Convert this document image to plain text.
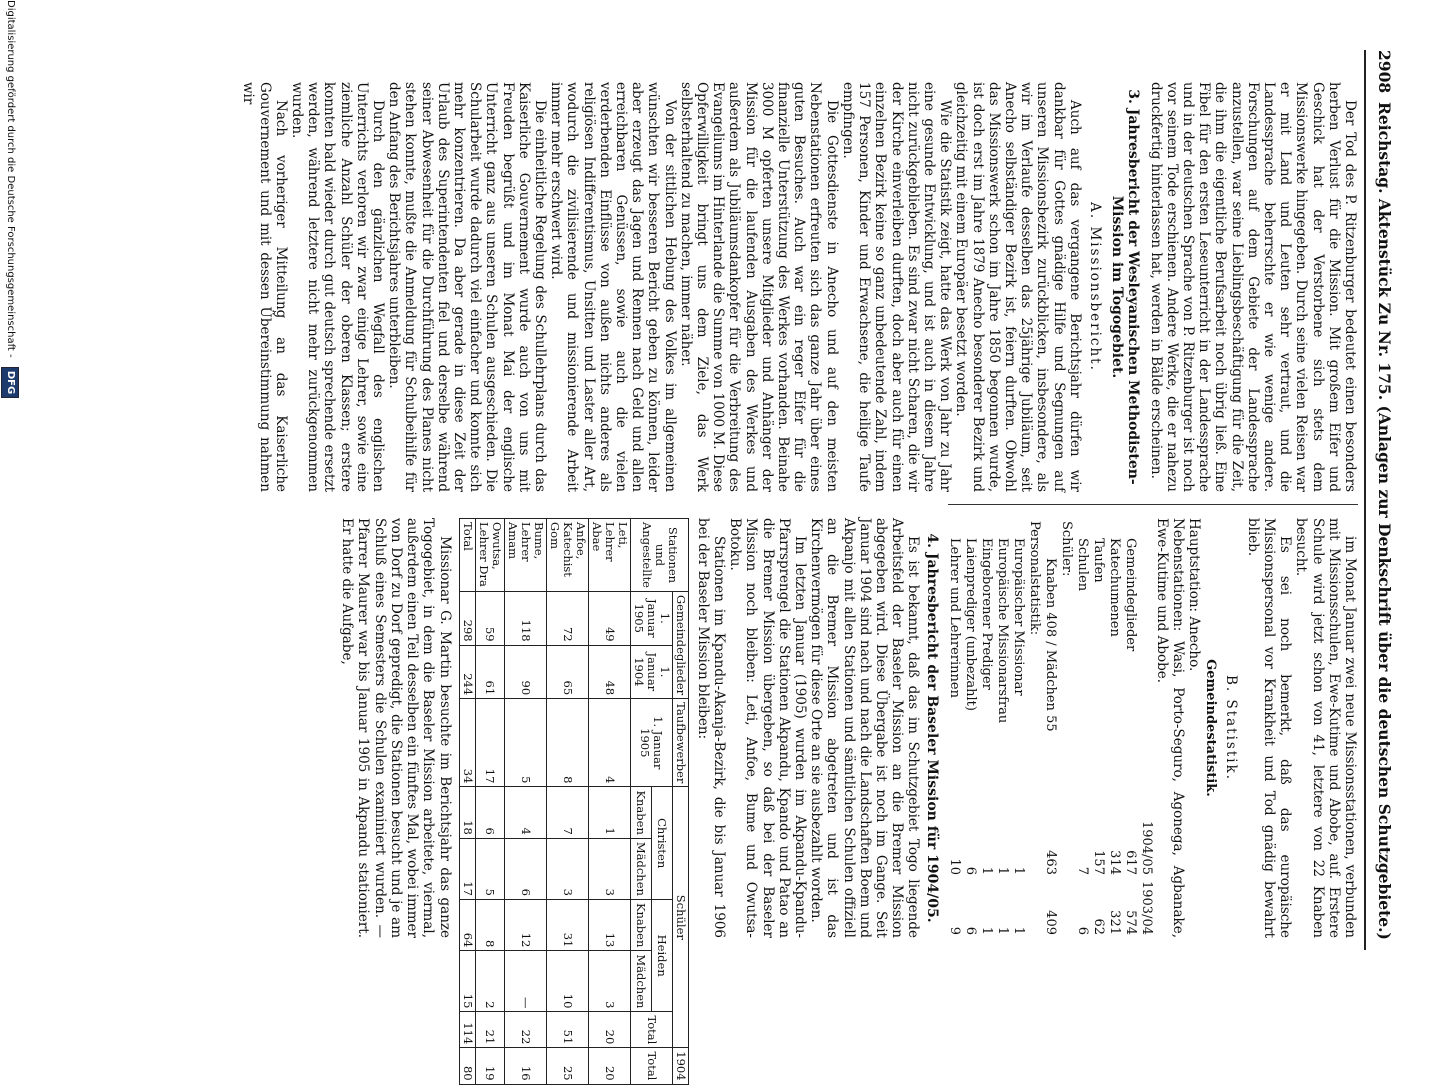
2908
Reichstag. Aktenstück Zu Nr. 175. (Anlagen zur Denkschrift über die deutschen Schutzgebiete.)

Der Tod des P. Ritzenburger bedeutet einen besonders herben Verlust für die Mission. Mit großem Eifer und Geschick hat der Verstorbene sich stets dem Missionswerke hingegeben. Durch seine vielen Reisen war er mit Land und Leuten sehr vertraut, und die Landessprache beherrschte er wie wenige andere. Forschungen auf dem Gebiete der Landessprache anzustellen, war seine Lieblingsbeschäftigung für die Zeit, die ihm die eigentliche Berufsarbeit noch übrig ließ. Eine Fibel für den ersten Leseunterricht in der Landessprache und in der deutschen Sprache von P. Ritzenburger ist noch vor seinem Tode erschienen. Andere Werke, die er nahezu druckfertig hinterlassen hat, werden in Bälde erscheinen.

3. Jahresbericht der Wesleyanischen Methodisten-Mission im Togogebiet.
A. Missionsbericht.

Auch auf das vergangene Berichtsjahr dürfen wir dankbar für Gottes gnädige Hilfe und Segnungen auf unseren Missionsbezirk zurückblicken, insbesondere, als wir im Verlaufe desselben das 25jährige Jubiläum, seit Anecho selbständiger Bezirk ist, feiern durften. Obwohl das Missionswerk schon im Jahre 1850 begonnen wurde, ist doch erst im Jahre 1879 Anecho besonderer Bezirk und gleichzeitig mit einem Europäer besetzt worden.

Wie die Statistik zeigt, hatte das Werk von Jahr zu Jahr eine gesunde Entwicklung, und ist auch in diesem Jahre nicht zurückgeblieben. Es sind zwar nicht Scharen, die wir der Kirche einverleiben durften, doch aber auch für einen einzelnen Bezirk keine so ganz unbedeutende Zahl, indem 157 Personen, Kinder und Erwachsene, die heilige Taufe empfingen.

Die Gottesdienste in Anecho und auf den meisten Nebenstationen erfreuten sich das ganze Jahr über eines guten Besuches. Auch war ein reger Eifer für die finanzielle Unterstützung des Werkes vorhanden. Beinahe 3000 M opferten unsere Mitglieder und Anhänger der Mission für die laufenden Ausgaben des Werkes und außerdem als Jubiläumsdankopfer für die Verbreitung des Evangeliums im Hinterlande die Summe von 1000 M. Diese Opferwilligkeit bringt uns dem Ziele, das Werk selbsterhaltend zu machen, immer näher.

Von der sittlichen Hebung des Volkes im allgemeinen wünschten wir besseren Bericht geben zu können, leider aber erzeugt das Jagen und Rennen nach Geld und allen erreichbaren Genüssen, sowie auch die vielen verderbenden Einflüsse von außen nichts anderes als religiösen Indifferentismus, Unsitten und Laster aller Art, wodurch die zivilisierende und missionierende Arbeit immer mehr erschwert wird.

Die einheitliche Regelung des Schullehrplans durch das Kaiserliche Gouvernement wurde auch von uns mit Freuden begrüßt und im Monat Mai der englische Unterricht ganz aus unseren Schulen ausgeschieden. Die Schularbeit wurde dadurch viel einfacher und konnte sich mehr konzentrieren. Da aber gerade in diese Zeit der Urlaub des Superintendenten fiel und derselbe während seiner Abwesenheit für die Durchführung des Planes nicht stehen konnte, mußte die Anmeldung für Schulbeihilfe für den Anfang des Berichtsjahres unterbleiben.

Durch den gänzlichen Wegfall des englischen Unterrichts verloren wir zwar einige Lehrer, sowie eine ziemliche Anzahl Schüler der oberen Klassen; erstere konnten bald wieder durch gut deutsch sprechende ersetzt werden, während letztere nicht mehr zurückgenommen wurden.

Nach vorheriger Mitteilung an das Kaiserliche Gouvernement und mit dessen Übereinstimmung nahmen wir

im Monat Januar zwei neue Missionsstationen, verbunden mit Missionsschulen, Ewe-Kutime und Abobe, auf. Erstere Schule wird jetzt schon von 41, letztere von 22 Knaben besucht.

Es sei noch bemerkt, daß das europäische Missionspersonal vor Krankheit und Tod gnädig bewahrt blieb.

B. Statistik.
Gemeindestatistik.
Hauptstation: Anecho.
Nebenstationen: Wasi, Porto-Seguro, Agonega, Agbanake, Ewe-Kutime und Abobe.
	1904/05	1903/04
Gemeindeglieder	617	574
Katechumenen	314	321
Taufen	157	62
Schulen	7	6
Schüler:		
Knaben 408 / Mädchen 55	463	409
Personalstatistik:		
Europäischer Missionar	1	1
Europäische Missionarsfrau	1	1
Eingeborener Prediger	1	1
Laienprediger (unbezahlt)	6	6
Lehrer und Lehrerinnen	10	9
4. Jahresbericht der Baseler Mission für 1904/05.

Es ist bekannt, daß das im Schutzgebiet Togo liegende Arbeitsfeld der Baseler Mission an die Bremer Mission abgegeben wird. Diese Übergabe ist noch im Gange. Seit Januar 1904 sind nach und nach die Landschaften Boem und Akpanjo mit allen Stationen und sämtlichen Schulen offiziell an die Bremer Mission abgetreten und ist das Kirchenvermögen für diese Orte an sie ausbezahlt worden.

Im letzten Januar (1905) wurden im Akpandu-Kpandu-Pfarrsprengel die Stationen Akpandu, Kpando und Patao an die Bremer Mission übergeben, so daß bei der Baseler Mission noch bleiben: Leti, Anfoe, Bume und Owutsa-Botoku.

Stationen im Kpandu-Akanja-Bezirk, die bis Januar 1906 bei der Baseler Mission bleiben:

Stationen und Angestellte	Gemeindeglieder		Taufbewerber	Schüler					1904
	1. Januar 1905	1. Januar 1904	1. Januar 1905	Christen		Heiden		Total	Total
				Knaben	Mädchen	Knaben	Mädchen		
Leti, Lehrer Abae	49	48	4	1	3	13	3	20	20
Anfoe, Katechist Gom	72	65	8	7	3	31	10	51	25
Bume, Lehrer Amam	118	90	5	4	6	12	—	22	16
Owutsa, Lehrer Dra	59	61	17	6	5	8	2	21	19
Total	298	244	34	18	17	64	15	114	80

Missionar G. Martin besuchte im Berichtsjahr das ganze Togogebiet, in dem die Baseler Mission arbeitete, viermal, außerdem einen Teil desselben ein fünftes Mal, wobei immer von Dorf zu Dorf gepredigt, die Stationen besucht und je am Schluß eines Semesters die Schulen examiniert wurden. — Pfarrer Maurer war bis Januar 1905 in Akpandu stationiert. Er hatte die Aufgabe,

Digitalisierung gefördert durch die Deutsche Forschungsgemeinschaft - DFG
